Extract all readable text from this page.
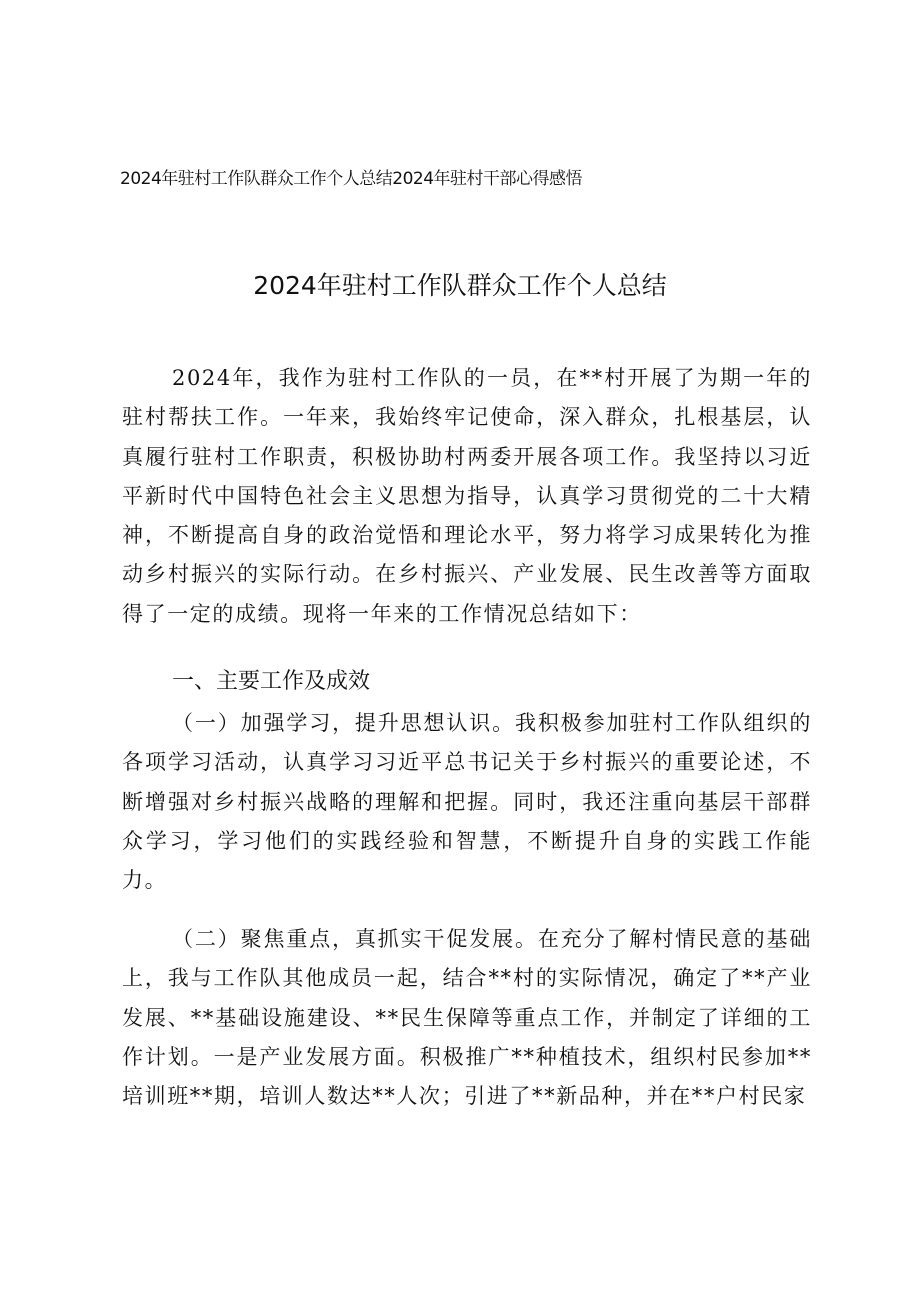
2024年驻村工作队群众工作个人总结2024年驻村干部心得感悟
2024年驻村工作队群众工作个人总结

2024年，我作为驻村工作队的一员，在**村开展了为期一年的驻村帮扶工作。一年来，我始终牢记使命，深入群众，扎根基层，认真履行驻村工作职责，积极协助村两委开展各项工作。我坚持以习近平新时代中国特色社会主义思想为指导，认真学习贯彻党的二十大精神，不断提高自身的政治觉悟和理论水平，努力将学习成果转化为推动乡村振兴的实际行动。在乡村振兴、产业发展、民生改善等方面取得了一定的成绩。现将一年来的工作情况总结如下：

一、主要工作及成效

（一）加强学习，提升思想认识。我积极参加驻村工作队组织的各项学习活动，认真学习习近平总书记关于乡村振兴的重要论述，不断增强对乡村振兴战略的理解和把握。同时，我还注重向基层干部群众学习，学习他们的实践经验和智慧，不断提升自身的实践工作能力。

（二）聚焦重点，真抓实干促发展。在充分了解村情民意的基础上，我与工作队其他成员一起，结合**村的实际情况，确定了**产业发展、**基础设施建设、**民生保障等重点工作，并制定了详细的工作计划。一是产业发展方面。积极推广**种植技术，组织村民参加**培训班**期，培训人数达**人次；引进了**新品种，并在**户村民家
